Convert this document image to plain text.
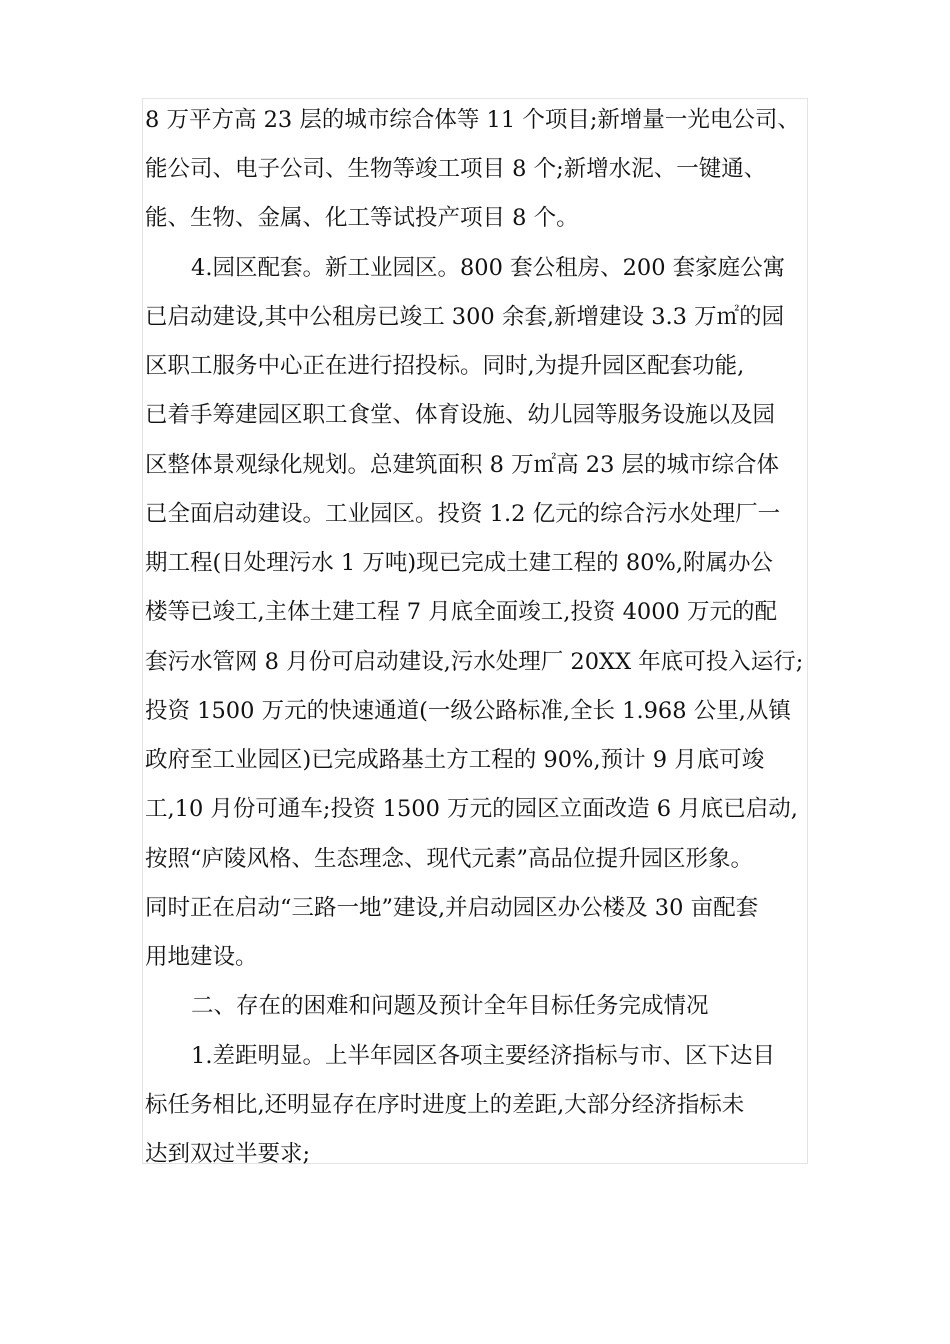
8 万平方高 23 层的城市综合体等 11 个项目;新增量一光电公司、
能公司、电子公司、生物等竣工项目 8 个;新增水泥、一键通、
能、生物、金属、化工等试投产项目 8 个。
4.园区配套。新工业园区。800 套公租房、200 套家庭公寓
已启动建设,其中公租房已竣工 300 余套,新增建设 3.3 万㎡的园
区职工服务中心正在进行招投标。同时,为提升园区配套功能,
已着手筹建园区职工食堂、体育设施、幼儿园等服务设施以及园
区整体景观绿化规划。总建筑面积 8 万㎡高 23 层的城市综合体
已全面启动建设。工业园区。投资 1.2 亿元的综合污水处理厂一
期工程(日处理污水 1 万吨)现已完成土建工程的 80%,附属办公
楼等已竣工,主体土建工程 7 月底全面竣工,投资 4000 万元的配
套污水管网 8 月份可启动建设,污水处理厂 20XX 年底可投入运行;
投资 1500 万元的快速通道(一级公路标准,全长 1.968 公里,从镇
政府至工业园区)已完成路基土方工程的 90%,预计 9 月底可竣
工,10 月份可通车;投资 1500 万元的园区立面改造 6 月底已启动,
按照“庐陵风格、生态理念、现代元素”高品位提升园区形象。
同时正在启动“三路一地”建设,并启动园区办公楼及 30 亩配套
用地建设。
二、存在的困难和问题及预计全年目标任务完成情况
1.差距明显。上半年园区各项主要经济指标与市、区下达目
标任务相比,还明显存在序时进度上的差距,大部分经济指标未
达到双过半要求;
